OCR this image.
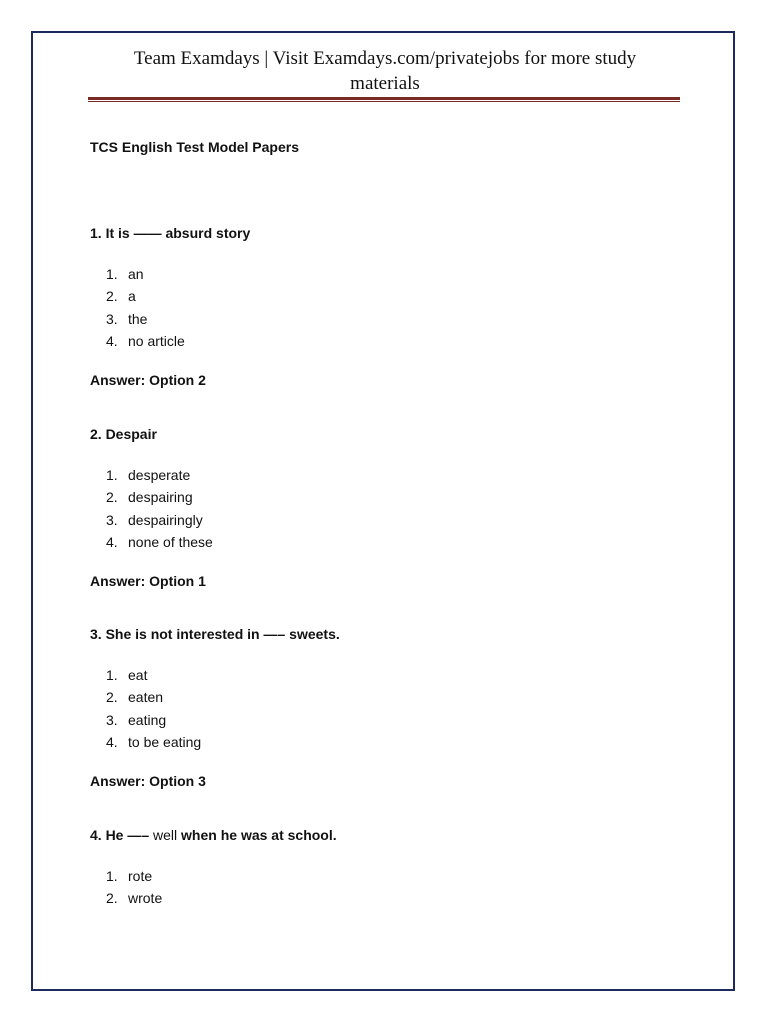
Team Examdays | Visit Examdays.com/privatejobs for more study
materials
TCS English Test Model Papers

1. It is —— absurd story

1. an
2. a
3. the
4. no article
Answer: Option 2

2. Despair

1. desperate
2. despairing
3. despairingly
4. none of these
Answer: Option 1

3. She is not interested in —– sweets.

1. eat
2. eaten
3. eating
4. to be eating
Answer: Option 3

4. He —– well when he was at school.

1. rote
2. wrote
